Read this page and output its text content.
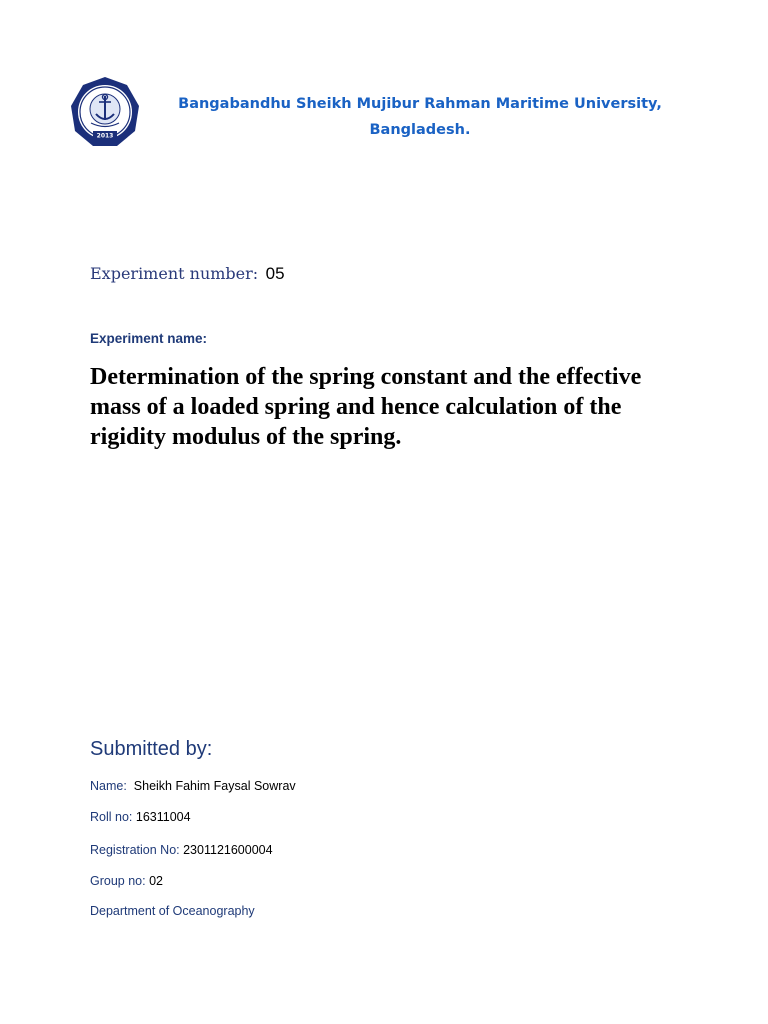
2013
Bangabandhu Sheikh Mujibur Rahman Maritime University,
Bangladesh.
Experiment number: 05
Experiment name:
Determination of the spring constant and the effective mass of a loaded spring and hence calculation of the rigidity modulus of the spring.
Submitted by:
Name: Sheikh Fahim Faysal Sowrav
Roll no: 16311004
Registration No: 2301121600004
Group no: 02
Department of Oceanography
